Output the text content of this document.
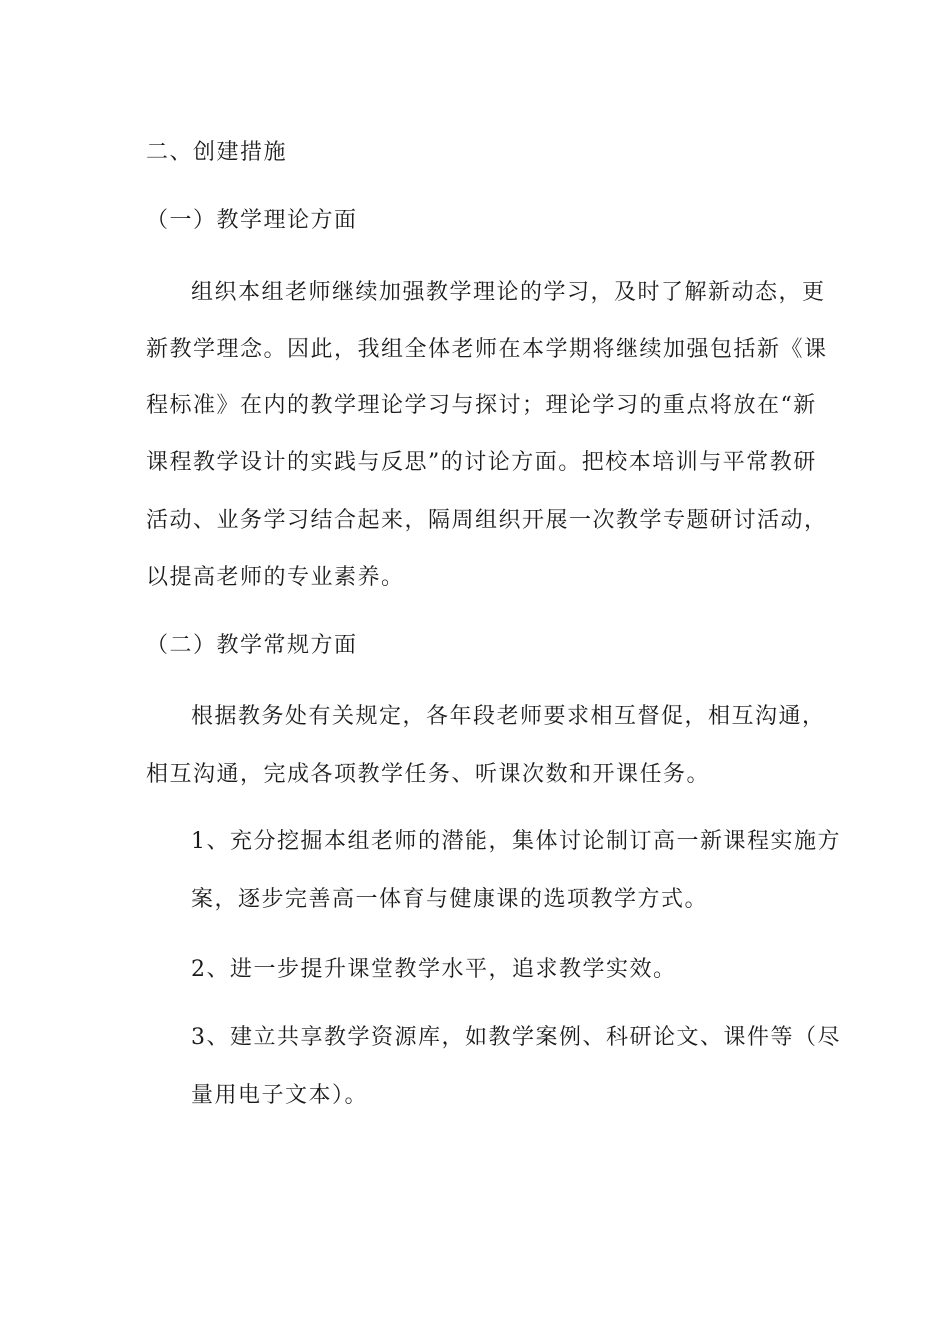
二、创建措施
（一）教学理论方面
组织本组老师继续加强教学理论的学习，及时了解新动态，更
新教学理念。因此，我组全体老师在本学期将继续加强包括新《课
程标准》在内的教学理论学习与探讨；理论学习的重点将放在“新
课程教学设计的实践与反思”的讨论方面。把校本培训与平常教研
活动、业务学习结合起来，隔周组织开展一次教学专题研讨活动，
以提高老师的专业素养。
（二）教学常规方面
根据教务处有关规定，各年段老师要求相互督促，相互沟通，
相互沟通，完成各项教学任务、听课次数和开课任务。
1、充分挖掘本组老师的潜能，集体讨论制订高一新课程实施方
案，逐步完善高一体育与健康课的选项教学方式。
2、进一步提升课堂教学水平，追求教学实效。
3、建立共享教学资源库，如教学案例、科研论文、课件等（尽
量用电子文本）。
